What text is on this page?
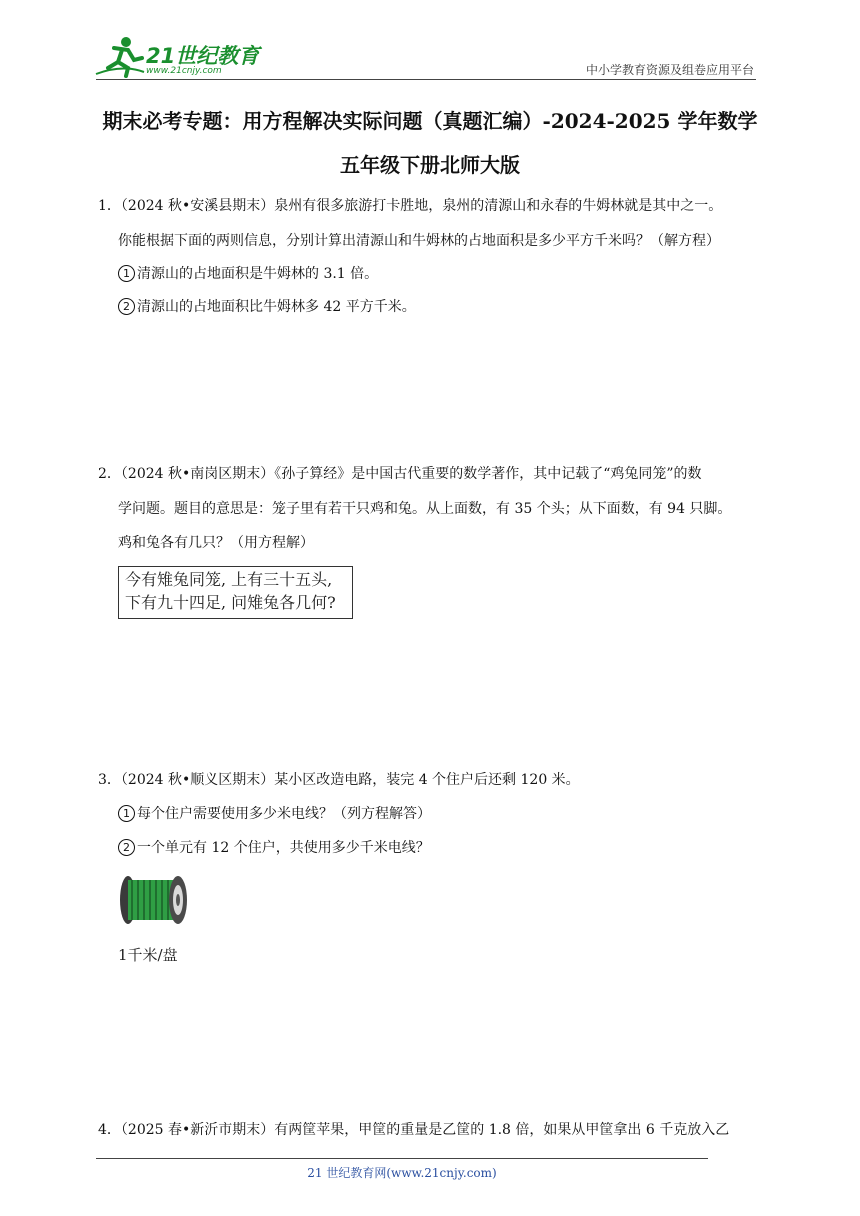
21世纪教育
www.21cnjy.com	中小学教育资源及组卷应用平台
期末必考专题：用方程解决实际问题（真题汇编）-2024-2025 学年数学
五年级下册北师大版
1．（2024 秋•安溪县期末）泉州有很多旅游打卡胜地，泉州的清源山和永春的牛姆林就是其中之一。
你能根据下面的两则信息，分别计算出清源山和牛姆林的占地面积是多少平方千米吗？（解方程）
1 清源山的占地面积是牛姆林的 3.1 倍。
2 清源山的占地面积比牛姆林多 42 平方千米。
2．（2024 秋•南岗区期末）《孙子算经》是中国古代重要的数学著作，其中记载了“鸡兔同笼”的数
学问题。题目的意思是：笼子里有若干只鸡和兔。从上面数，有 35 个头；从下面数，有 94 只脚。
鸡和兔各有几只？（用方程解）
今有雉兔同笼, 上有三十五头,
下有九十四足, 问雉兔各几何?
3．（2024 秋•顺义区期末）某小区改造电路，装完 4 个住户后还剩 120 米。
1 每个住户需要使用多少米电线？（列方程解答）
2 一个单元有 12 个住户，共使用多少千米电线？
1千米/盘
4．（2025 春•新沂市期末）有两筐苹果，甲筐的重量是乙筐的 1.8 倍，如果从甲筐拿出 6 千克放入乙
21 世纪教育网(www.21cnjy.com)
